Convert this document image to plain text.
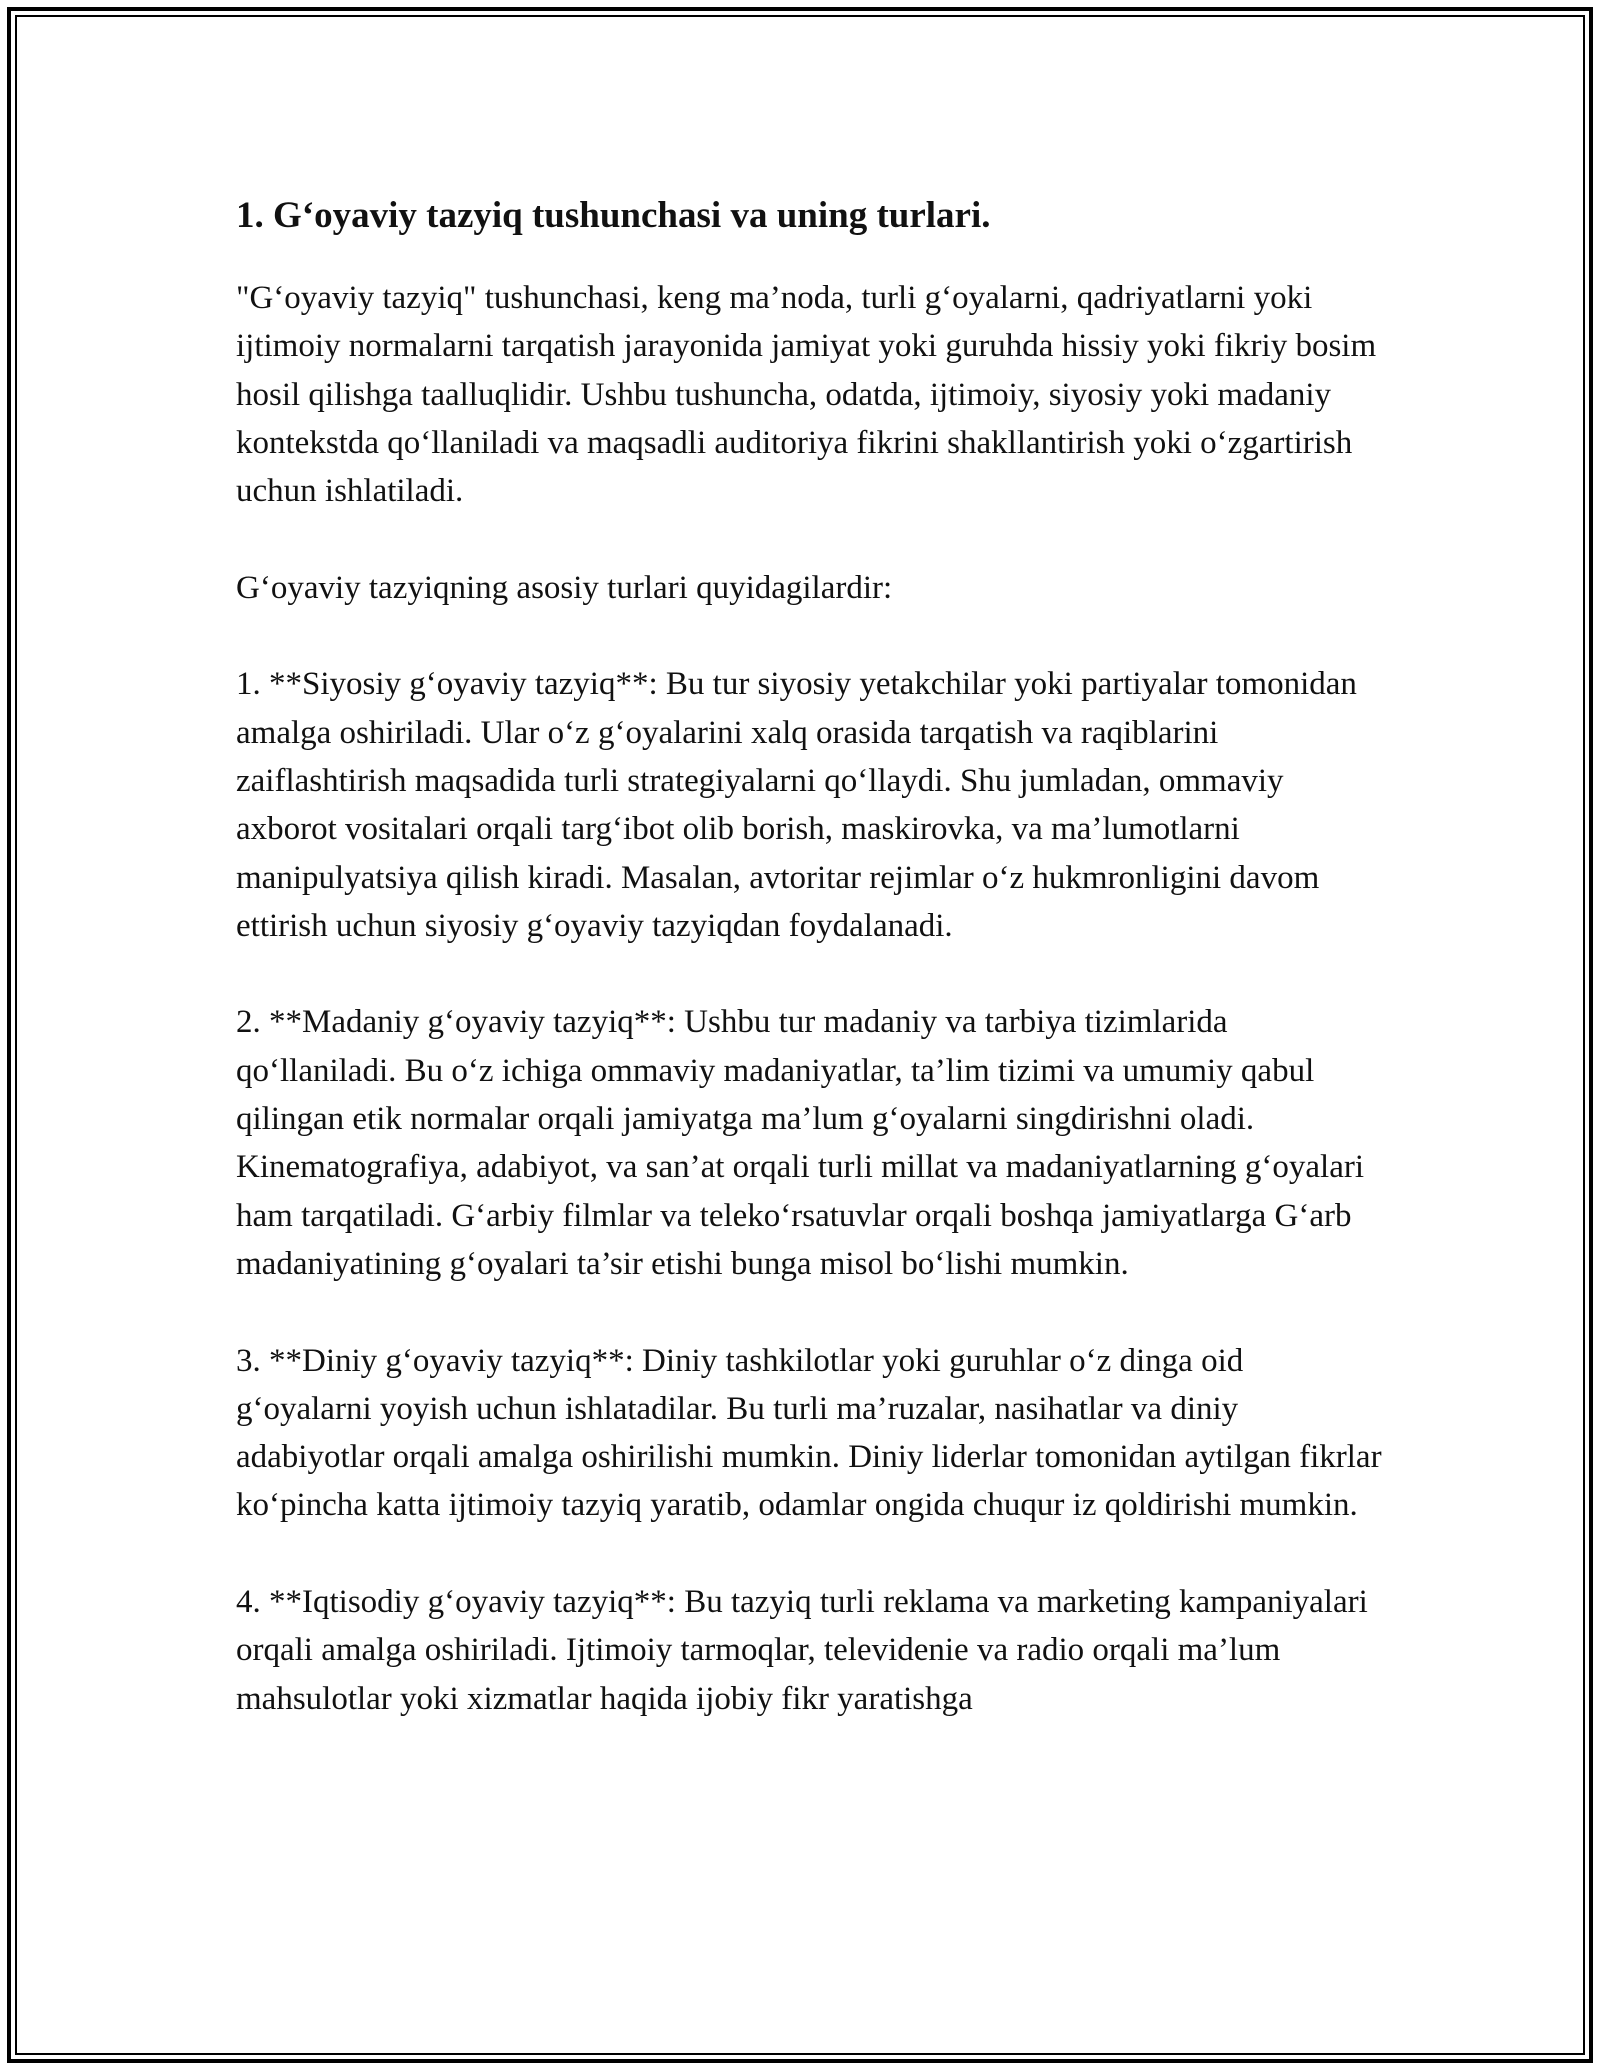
1. G‘oyaviy tazyiq tushunchasi va uning turlari.

"G‘oyaviy tazyiq" tushunchasi, keng ma’noda, turli g‘oyalarni, qadriyatlarni yoki ijtimoiy normalarni tarqatish jarayonida jamiyat yoki guruhda hissiy yoki fikriy bosim hosil qilishga taalluqlidir. Ushbu tushuncha, odatda, ijtimoiy, siyosiy yoki madaniy kontekstda qo‘llaniladi va maqsadli auditoriya fikrini shakllantirish yoki o‘zgartirish uchun ishlatiladi.

G‘oyaviy tazyiqning asosiy turlari quyidagilardir:

1. **Siyosiy g‘oyaviy tazyiq**: Bu tur siyosiy yetakchilar yoki partiyalar tomonidan amalga oshiriladi. Ular o‘z g‘oyalarini xalq orasida tarqatish va raqiblarini zaiflashtirish maqsadida turli strategiyalarni qo‘llaydi. Shu jumladan, ommaviy axborot vositalari orqali targ‘ibot olib borish, maskirovka, va ma’lumotlarni manipulyatsiya qilish kiradi. Masalan, avtoritar rejimlar o‘z hukmronligini davom ettirish uchun siyosiy g‘oyaviy tazyiqdan foydalanadi.

2. **Madaniy g‘oyaviy tazyiq**: Ushbu tur madaniy va tarbiya tizimlarida qo‘llaniladi. Bu o‘z ichiga ommaviy madaniyatlar, ta’lim tizimi va umumiy qabul qilingan etik normalar orqali jamiyatga ma’lum g‘oyalarni singdirishni oladi. Kinematografiya, adabiyot, va san’at orqali turli millat va madaniyatlarning g‘oyalari ham tarqatiladi. G‘arbiy filmlar va teleko‘rsatuvlar orqali boshqa jamiyatlarga G‘arb madaniyatining g‘oyalari ta’sir etishi bunga misol bo‘lishi mumkin.

3. **Diniy g‘oyaviy tazyiq**: Diniy tashkilotlar yoki guruhlar o‘z dinga oid g‘oyalarni yoyish uchun ishlatadilar. Bu turli ma’ruzalar, nasihatlar va diniy adabiyotlar orqali amalga oshirilishi mumkin. Diniy liderlar tomonidan aytilgan fikrlar ko‘pincha katta ijtimoiy tazyiq yaratib, odamlar ongida chuqur iz qoldirishi mumkin.

4. **Iqtisodiy g‘oyaviy tazyiq**: Bu tazyiq turli reklama va marketing kampaniyalari orqali amalga oshiriladi. Ijtimoiy tarmoqlar, televidenie va radio orqali ma’lum mahsulotlar yoki xizmatlar haqida ijobiy fikr yaratishga
